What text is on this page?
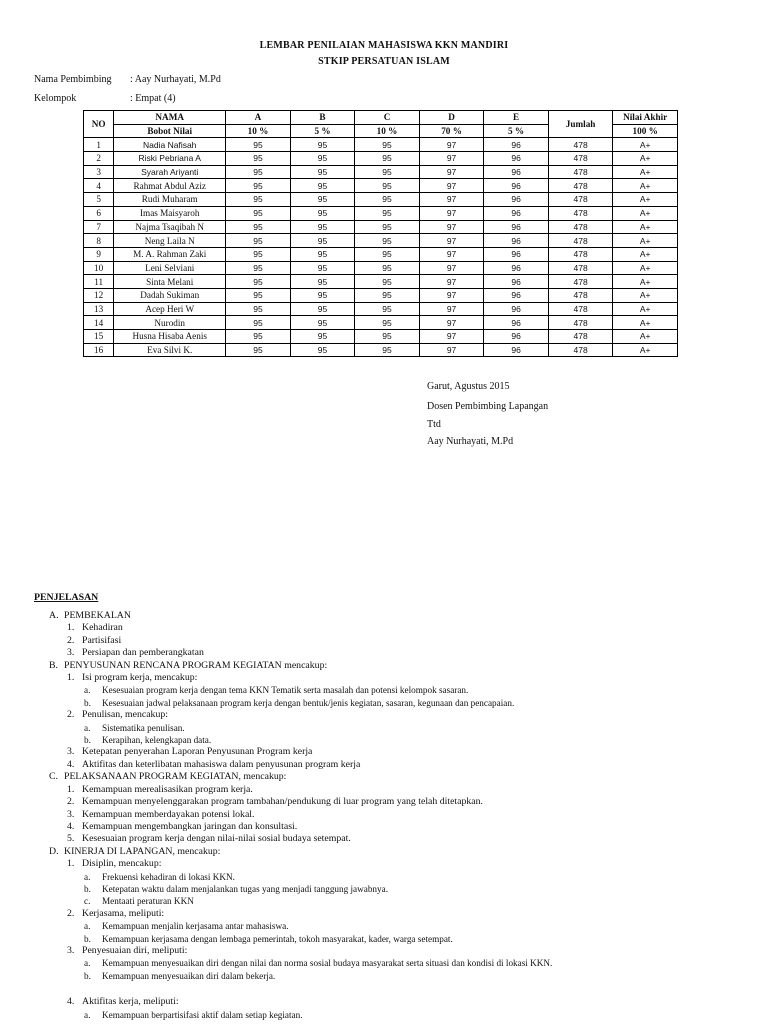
LEMBAR PENILAIAN MAHASISWA KKN MANDIRI
STKIP PERSATUAN ISLAM
Nama Pembimbing : Aay Nurhayati, M.Pd
Kelompok	: Empat (4)
NO	NAMA	A	B	C	D	E	Jumlah	Nilai Akhir
	Bobot Nilai	10 %	5 %	10 %	70 %	5 %		100 %
1	Nadia Nafisah	95	95	95	97	96	478	A+
2	Riski Pebriana A	95	95	95	97	96	478	A+
3	Syarah Ariyanti	95	95	95	97	96	478	A+
4	Rahmat Abdul Aziz	95	95	95	97	96	478	A+
5	Rudi Muharam	95	95	95	97	96	478	A+
6	Imas Maisyaroh	95	95	95	97	96	478	A+
7	Najma Tsaqibah N	95	95	95	97	96	478	A+
8	Neng Laila N	95	95	95	97	96	478	A+
9	M. A. Rahman Zaki	95	95	95	97	96	478	A+
10	Leni Selviani	95	95	95	97	96	478	A+
11	Sinta Melani	95	95	95	97	96	478	A+
12	Dadah Sukiman	95	95	95	97	96	478	A+
13	Acep Heri W	95	95	95	97	96	478	A+
14	Nurodin	95	95	95	97	96	478	A+
15	Husna Hisaba Aenis	95	95	95	97	96	478	A+
16	Eva Silvi K.	95	95	95	97	96	478	A+
Garut, Agustus 2015
Dosen Pembimbing Lapangan
Ttd
Aay Nurhayati, M.Pd
PENJELASAN
A. PEMBEKALAN
1. Kehadiran
2. Partisifasi
3. Persiapan dan pemberangkatan
B. PENYUSUNAN RENCANA PROGRAM KEGIATAN mencakup:
1. Isi program kerja, mencakup:
a. Kesesuaian program kerja dengan tema KKN Tematik serta masalah dan potensi kelompok sasaran.
b. Kesesuaian jadwal pelaksanaan program kerja dengan bentuk/jenis kegiatan, sasaran, kegunaan dan pencapaian.
2. Penulisan, mencakup:
a. Sistematika penulisan.
b. Kerapihan, kelengkapan data.
3. Ketepatan penyerahan Laporan Penyusunan Program kerja
4. Aktifitas dan keterlibatan mahasiswa dalam penyusunan program kerja
C. PELAKSANAAN PROGRAM KEGIATAN, mencakup:
1. Kemampuan merealisasikan program kerja.
2. Kemampuan menyelenggarakan program tambahan/pendukung di luar program yang telah ditetapkan.
3. Kemampuan memberdayakan potensi lokal.
4. Kemampuan mengembangkan jaringan dan konsultasi.
5. Kesesuaian program kerja dengan nilai-nilai sosial budaya setempat.
D. KINERJA DI LAPANGAN, mencakup:
1. Disiplin, mencakup:
a. Frekuensi kehadiran di lokasi KKN.
b. Ketepatan waktu dalam menjalankan tugas yang menjadi tanggung jawabnya.
c. Mentaati peraturan KKN
2. Kerjasama, meliputi:
a. Kemampuan menjalin kerjasama antar mahasiswa.
b. Kemampuan kerjasama dengan lembaga pemerintah, tokoh masyarakat, kader, warga setempat.
3. Penyesuaian diri, meliputi:
a. Kemampuan menyesuaikan diri dengan nilai dan norma sosial budaya masyarakat serta situasi dan kondisi di lokasi KKN.
b. Kemampuan menyesuaikan diri dalam bekerja.
4. Aktifitas kerja, meliputi:
a. Kemampuan berpartisifasi aktif dalam setiap kegiatan.
